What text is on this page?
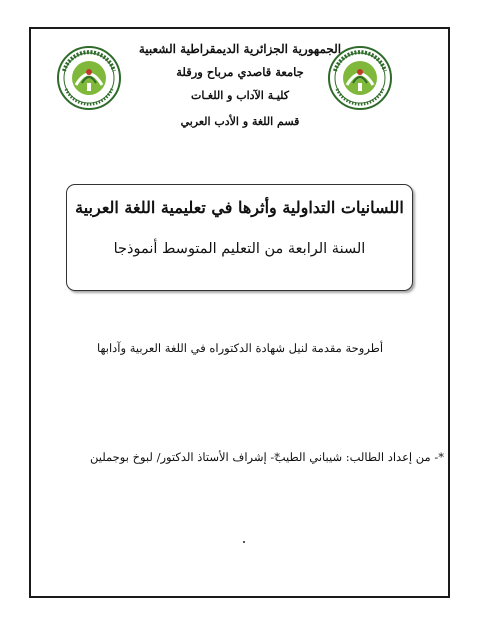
الجمهورية الجزائرية الديمقراطية الشعبية
جامعة قاصدي مرباح ورقلة
كليـة الآداب و اللغـات
قسم اللغة و الأدب العربي
اللسانيات التداولية وأثرها في تعليمية اللغة العربية
السنة الرابعة من التعليم المتوسط أنموذجا
أطروحة مقدمة لنيل شهادة الدكتوراه في اللغة العربية وآدابها
*- من إعداد الطالب: شيباني الطيب
*- إشراف الأستاذ الدكتور/ لبوخ بوجملين
